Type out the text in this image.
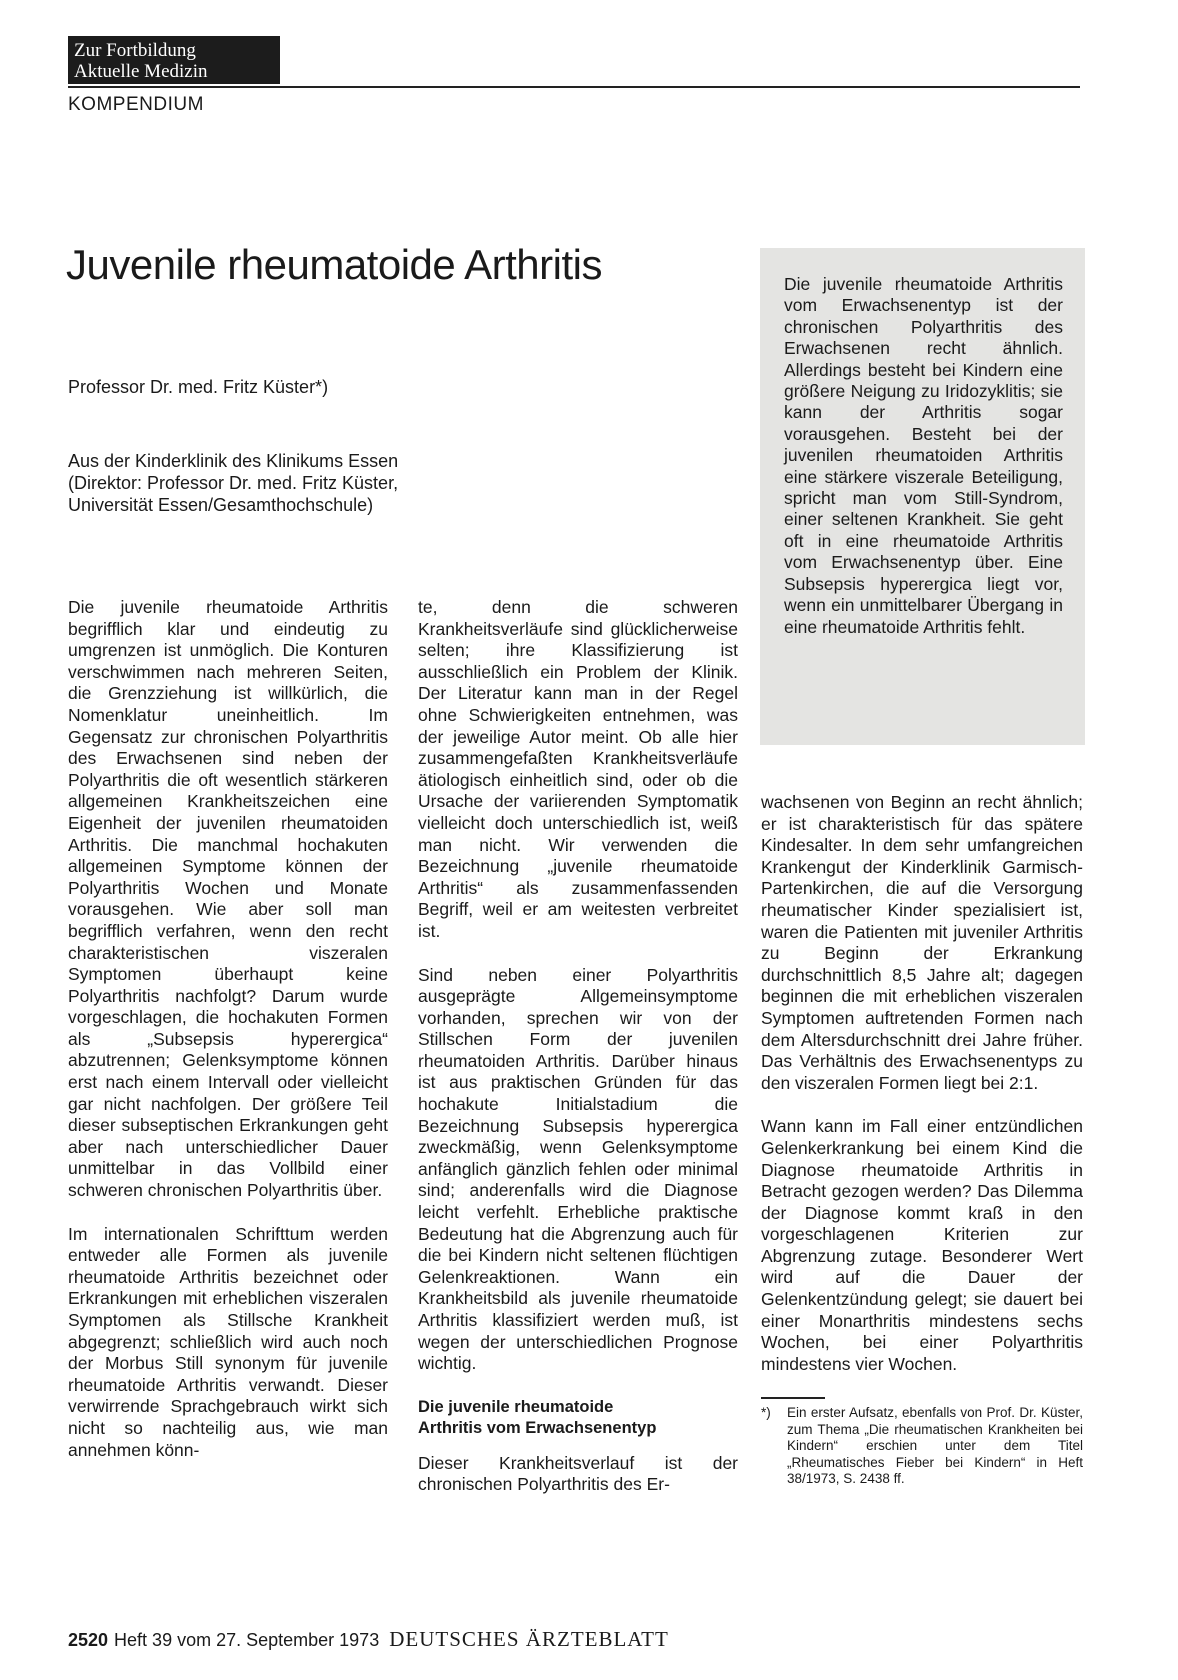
Zur Fortbildung
Aktuelle Medizin
KOMPENDIUM
Juvenile rheumatoide Arthritis
Professor Dr. med. Fritz Küster*)
Aus der Kinderklinik des Klinikums Essen
(Direktor: Professor Dr. med. Fritz Küster,
Universität Essen/Gesamthochschule)

Die juvenile rheumatoide Arthritis vom Erwachsenentyp ist der chronischen Polyarthritis des Erwachsenen recht ähnlich. Allerdings besteht bei Kindern eine größere Neigung zu Iridozyklitis; sie kann der Arthritis sogar vorausgehen. Besteht bei der juvenilen rheumatoiden Arthritis eine stärkere viszerale Beteiligung, spricht man vom Still-Syndrom, einer seltenen Krankheit. Sie geht oft in eine rheumatoide Arthritis vom Erwachsenentyp über. Eine Subsepsis hyperergica liegt vor, wenn ein unmittelbarer Übergang in eine rheumatoide Arthritis fehlt.

Die juvenile rheumatoide Arthritis begrifflich klar und eindeutig zu umgrenzen ist unmöglich. Die Konturen verschwimmen nach mehreren Seiten, die Grenzziehung ist willkürlich, die Nomenklatur uneinheitlich. Im Gegensatz zur chronischen Polyarthritis des Erwachsenen sind neben der Polyarthritis die oft wesentlich stärkeren allgemeinen Krankheitszeichen eine Eigenheit der juvenilen rheumatoiden Arthritis. Die manchmal hochakuten allgemeinen Symptome können der Polyarthritis Wochen und Monate vorausgehen. Wie aber soll man begrifflich verfahren, wenn den recht charakteristischen viszeralen Symptomen überhaupt keine Polyarthritis nachfolgt? Darum wurde vorgeschlagen, die hochakuten Formen als „Subsepsis hyperergica“ abzutrennen; Gelenksymptome können erst nach einem Intervall oder vielleicht gar nicht nachfolgen. Der größere Teil dieser subseptischen Erkrankungen geht aber nach unterschiedlicher Dauer unmittelbar in das Vollbild einer schweren chronischen Polyarthritis über.

Im internationalen Schrifttum werden entweder alle Formen als juvenile rheumatoide Arthritis bezeichnet oder Erkrankungen mit erheblichen viszeralen Symptomen als Stillsche Krankheit abgegrenzt; schließlich wird auch noch der Morbus Still synonym für juvenile rheumatoide Arthritis verwandt. Dieser verwirrende Sprachgebrauch wirkt sich nicht so nachteilig aus, wie man annehmen könn-

te, denn die schweren Krankheitsverläufe sind glücklicherweise selten; ihre Klassifizierung ist ausschließlich ein Problem der Klinik. Der Literatur kann man in der Regel ohne Schwierigkeiten entnehmen, was der jeweilige Autor meint. Ob alle hier zusammengefaßten Krankheitsverläufe ätiologisch einheitlich sind, oder ob die Ursache der variierenden Symptomatik vielleicht doch unterschiedlich ist, weiß man nicht. Wir verwenden die Bezeichnung „juvenile rheumatoide Arthritis“ als zusammenfassenden Begriff, weil er am weitesten verbreitet ist.

Sind neben einer Polyarthritis ausgeprägte Allgemeinsymptome vorhanden, sprechen wir von der Stillschen Form der juvenilen rheumatoiden Arthritis. Darüber hinaus ist aus praktischen Gründen für das hochakute Initialstadium die Bezeichnung Subsepsis hyperergica zweckmäßig, wenn Gelenksymptome anfänglich gänzlich fehlen oder minimal sind; anderenfalls wird die Diagnose leicht verfehlt. Erhebliche praktische Bedeutung hat die Abgrenzung auch für die bei Kindern nicht seltenen flüchtigen Gelenkreaktionen. Wann ein Krankheitsbild als juvenile rheumatoide Arthritis klassifiziert werden muß, ist wegen der unterschiedlichen Prognose wichtig.

Die juvenile rheumatoide
Arthritis vom Erwachsenentyp

Dieser Krankheitsverlauf ist der chronischen Polyarthritis des Er-

wachsenen von Beginn an recht ähnlich; er ist charakteristisch für das spätere Kindesalter. In dem sehr umfangreichen Krankengut der Kinderklinik Garmisch-Partenkirchen, die auf die Versorgung rheumatischer Kinder spezialisiert ist, waren die Patienten mit juveniler Arthritis zu Beginn der Erkrankung durchschnittlich 8,5 Jahre alt; dagegen beginnen die mit erheblichen viszeralen Symptomen auftretenden Formen nach dem Altersdurchschnitt drei Jahre früher. Das Verhältnis des Erwachsenentyps zu den viszeralen Formen liegt bei 2:1.

Wann kann im Fall einer entzündlichen Gelenkerkrankung bei einem Kind die Diagnose rheumatoide Arthritis in Betracht gezogen werden? Das Dilemma der Diagnose kommt kraß in den vorgeschlagenen Kriterien zur Abgrenzung zutage. Besonderer Wert wird auf die Dauer der Gelenkentzündung gelegt; sie dauert bei einer Monarthritis mindestens sechs Wochen, bei einer Polyarthritis mindestens vier Wochen.

*)	Ein erster Aufsatz, ebenfalls von Prof. Dr. Küster, zum Thema „Die rheumatischen Krankheiten bei Kindern“ erschien unter dem Titel „Rheumatisches Fieber bei Kindern“ in Heft 38/1973, S. 2438 ff.
2520 Heft 39 vom 27. September 1973 DEUTSCHES ÄRZTEBLATT
